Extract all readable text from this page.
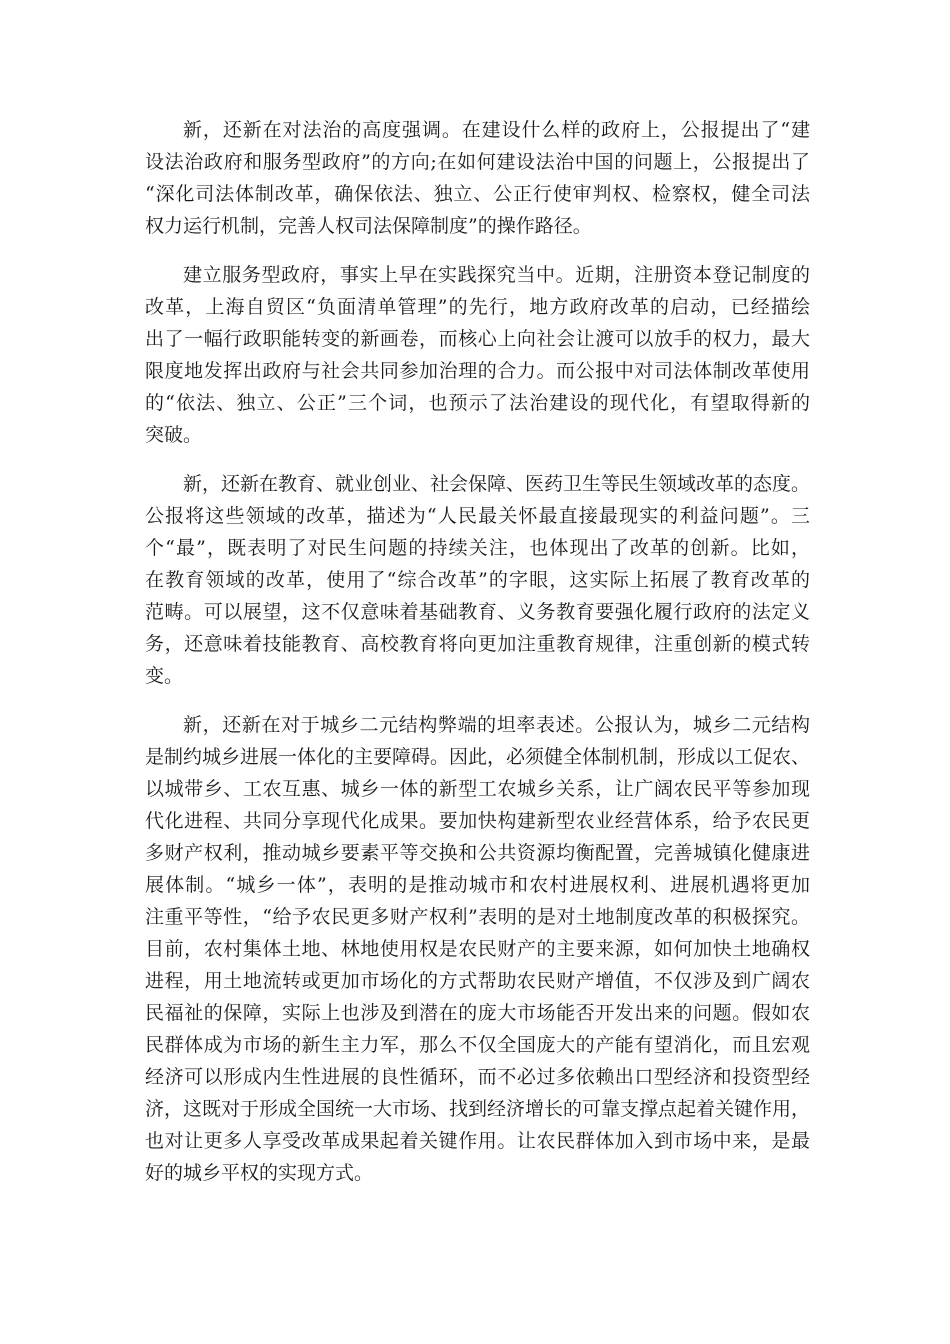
新，还新在对法治的高度强调。在建设什么样的政府上，公报提出了“建
设法治政府和服务型政府”的方向;在如何建设法治中国的问题上，公报提出了
“深化司法体制改革，确保依法、独立、公正行使审判权、检察权，健全司法
权力运行机制，完善人权司法保障制度”的操作路径。
建立服务型政府，事实上早在实践探究当中。近期，注册资本登记制度的
改革，上海自贸区“负面清单管理”的先行，地方政府改革的启动，已经描绘
出了一幅行政职能转变的新画卷，而核心上向社会让渡可以放手的权力，最大
限度地发挥出政府与社会共同参加治理的合力。而公报中对司法体制改革使用
的“依法、独立、公正”三个词，也预示了法治建设的现代化，有望取得新的
突破。
新，还新在教育、就业创业、社会保障、医药卫生等民生领域改革的态度。
公报将这些领域的改革，描述为“人民最关怀最直接最现实的利益问题”。三
个“最”，既表明了对民生问题的持续关注，也体现出了改革的创新。比如，
在教育领域的改革，使用了“综合改革”的字眼，这实际上拓展了教育改革的
范畴。可以展望，这不仅意味着基础教育、义务教育要强化履行政府的法定义
务，还意味着技能教育、高校教育将向更加注重教育规律，注重创新的模式转
变。
新，还新在对于城乡二元结构弊端的坦率表述。公报认为，城乡二元结构
是制约城乡进展一体化的主要障碍。因此，必须健全体制机制，形成以工促农、
以城带乡、工农互惠、城乡一体的新型工农城乡关系，让广阔农民平等参加现
代化进程、共同分享现代化成果。要加快构建新型农业经营体系，给予农民更
多财产权利，推动城乡要素平等交换和公共资源均衡配置，完善城镇化健康进
展体制。“城乡一体”，表明的是推动城市和农村进展权利、进展机遇将更加
注重平等性，“给予农民更多财产权利”表明的是对土地制度改革的积极探究。
目前，农村集体土地、林地使用权是农民财产的主要来源，如何加快土地确权
进程，用土地流转或更加市场化的方式帮助农民财产增值，不仅涉及到广阔农
民福祉的保障，实际上也涉及到潜在的庞大市场能否开发出来的问题。假如农
民群体成为市场的新生主力军，那么不仅全国庞大的产能有望消化，而且宏观
经济可以形成内生性进展的良性循环，而不必过多依赖出口型经济和投资型经
济，这既对于形成全国统一大市场、找到经济增长的可靠支撑点起着关键作用，
也对让更多人享受改革成果起着关键作用。让农民群体加入到市场中来，是最
好的城乡平权的实现方式。
